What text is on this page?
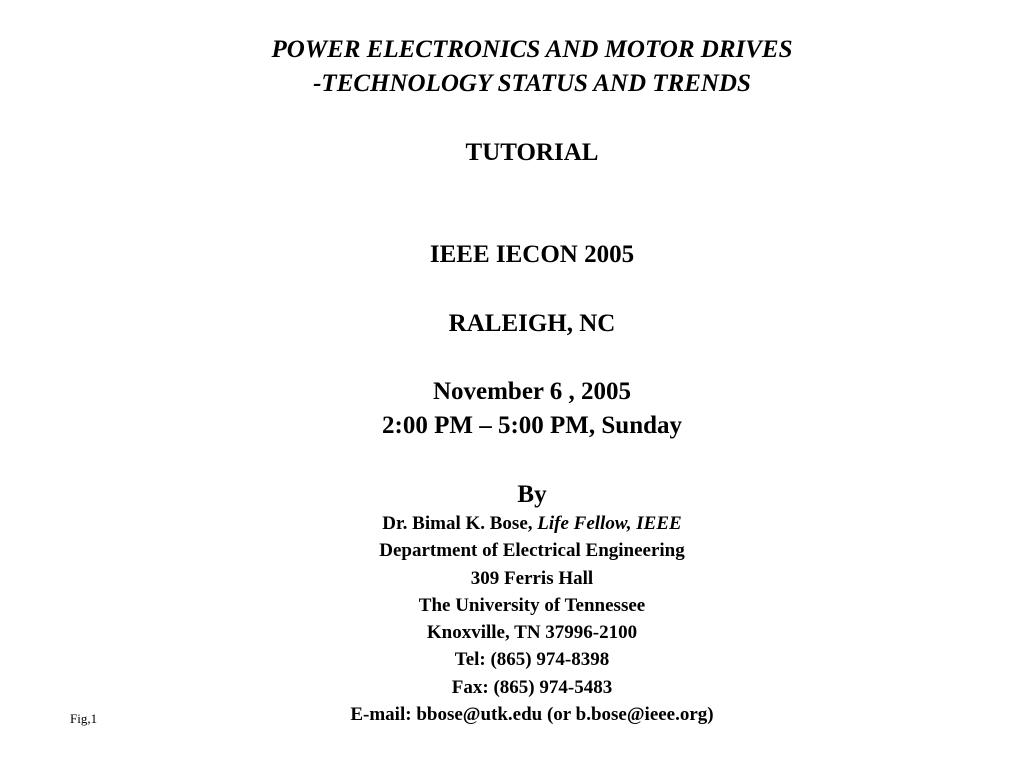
POWER ELECTRONICS AND MOTOR DRIVES
-TECHNOLOGY STATUS AND TRENDS
TUTORIAL
IEEE IECON 2005
RALEIGH, NC
November 6 , 2005
2:00 PM – 5:00 PM, Sunday
By
Dr. Bimal K. Bose, Life Fellow, IEEE
Department of Electrical Engineering
309 Ferris Hall
The University of Tennessee
Knoxville, TN 37996-2100
Tel: (865) 974-8398
Fax: (865) 974-5483
E-mail: bbose@utk.edu (or b.bose@ieee.org)
Fig,1
